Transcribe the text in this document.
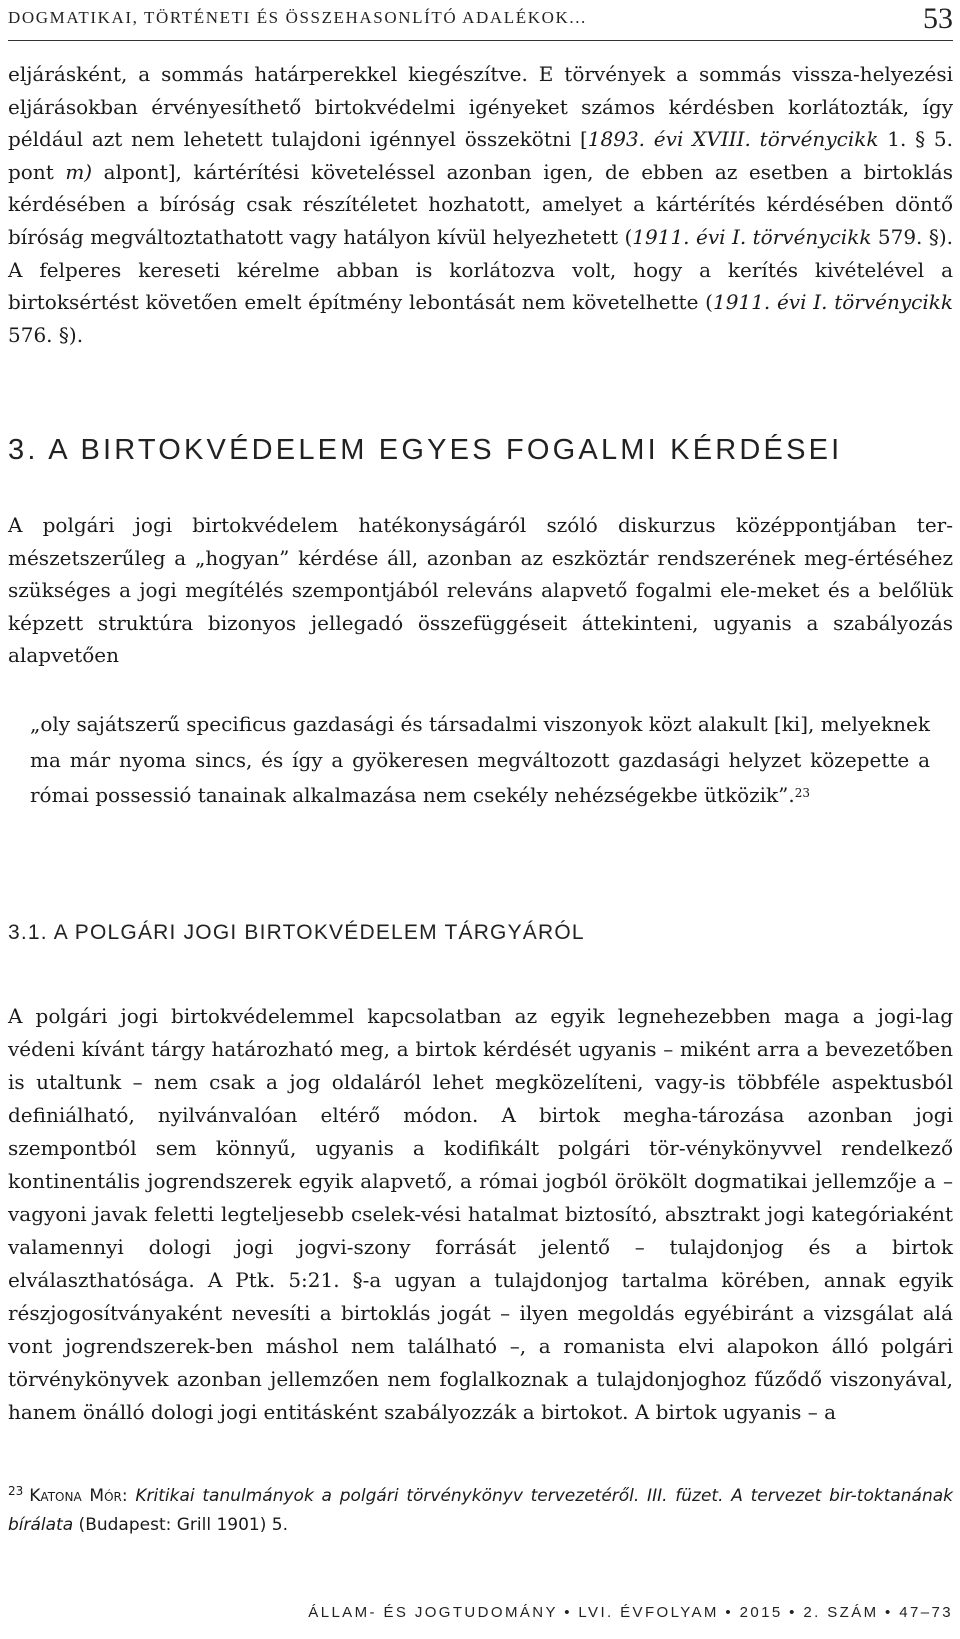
DOGMATIKAI, TÖRTÉNETI ÉS ÖSSZEHASONLÍTÓ ADALÉKOK...	53

eljárásként, a sommás határperekkel kiegészítve. E törvények a sommás vissza-helyezési eljárásokban érvényesíthető birtokvédelmi igényeket számos kérdésben korlátozták, így például azt nem lehetett tulajdoni igénnyel összekötni [1893. évi XVIII. törvénycikk 1. § 5. pont m) alpont], kártérítési követeléssel azonban igen, de ebben az esetben a birtoklás kérdésében a bíróság csak részítéletet hozhatott, amelyet a kártérítés kérdésében döntő bíróság megváltoztathatott vagy hatályon kívül helyezhetett (1911. évi I. törvénycikk 579. §). A felperes kereseti kérelme abban is korlátozva volt, hogy a kerítés kivételével a birtoksértést követően emelt építmény lebontását nem követelhette (1911. évi I. törvénycikk 576. §).

3. A BIRTOKVÉDELEM EGYES FOGALMI KÉRDÉSEI

A polgári jogi birtokvédelem hatékonyságáról szóló diskurzus középpontjában ter-mészetszerűleg a „hogyan” kérdése áll, azonban az eszköztár rendszerének meg-értéséhez szükséges a jogi megítélés szempontjából releváns alapvető fogalmi ele-meket és a belőlük képzett struktúra bizonyos jellegadó összefüggéseit áttekinteni, ugyanis a szabályozás alapvetően

„oly sajátszerű specificus gazdasági és társadalmi viszonyok közt alakult [ki], melyeknek ma már nyoma sincs, és így a gyökeresen megváltozott gazdasági helyzet közepette a római possessió tanainak alkalmazása nem csekély nehézségekbe ütközik”.$^{23}$

3.1. A POLGÁRI JOGI BIRTOKVÉDELEM TÁRGYÁRÓL

A polgári jogi birtokvédelemmel kapcsolatban az egyik legnehezebben maga a jogi-lag védeni kívánt tárgy határozható meg, a birtok kérdését ugyanis – miként arra a bevezetőben is utaltunk – nem csak a jog oldaláról lehet megközelíteni, vagy-is többféle aspektusból definiálható, nyilvánvalóan eltérő módon. A birtok megha-tározása azonban jogi szempontból sem könnyű, ugyanis a kodifikált polgári tör-vénykönyvvel rendelkező kontinentális jogrendszerek egyik alapvető, a római jogból örökölt dogmatikai jellemzője a – vagyoni javak feletti legteljesebb cselek-vési hatalmat biztosító, absztrakt jogi kategóriaként valamennyi dologi jogi jogvi-szony forrását jelentő – tulajdonjog és a birtok elválaszthatósága. A Ptk. 5:21. §-a ugyan a tulajdonjog tartalma körében, annak egyik részjogosítványaként nevesíti a birtoklás jogát – ilyen megoldás egyébiránt a vizsgálat alá vont jogrendszerek-ben máshol nem található –, a romanista elvi alapokon álló polgári törvénykönyvek azonban jellemzően nem foglalkoznak a tulajdonjoghoz fűződő viszonyával, hanem önálló dologi jogi entitásként szabályozzák a birtokot. A birtok ugyanis – a

$^{23}$ Katona Mór: Kritikai tanulmányok a polgári törvénykönyv tervezetéről. III. füzet. A tervezet bir-toktanának bírálata (Budapest: Grill 1901) 5.

ÁLLAM- ÉS JOGTUDOMÁNY • LVI. ÉVFOLYAM • 2015 • 2. SZÁM • 47–73
